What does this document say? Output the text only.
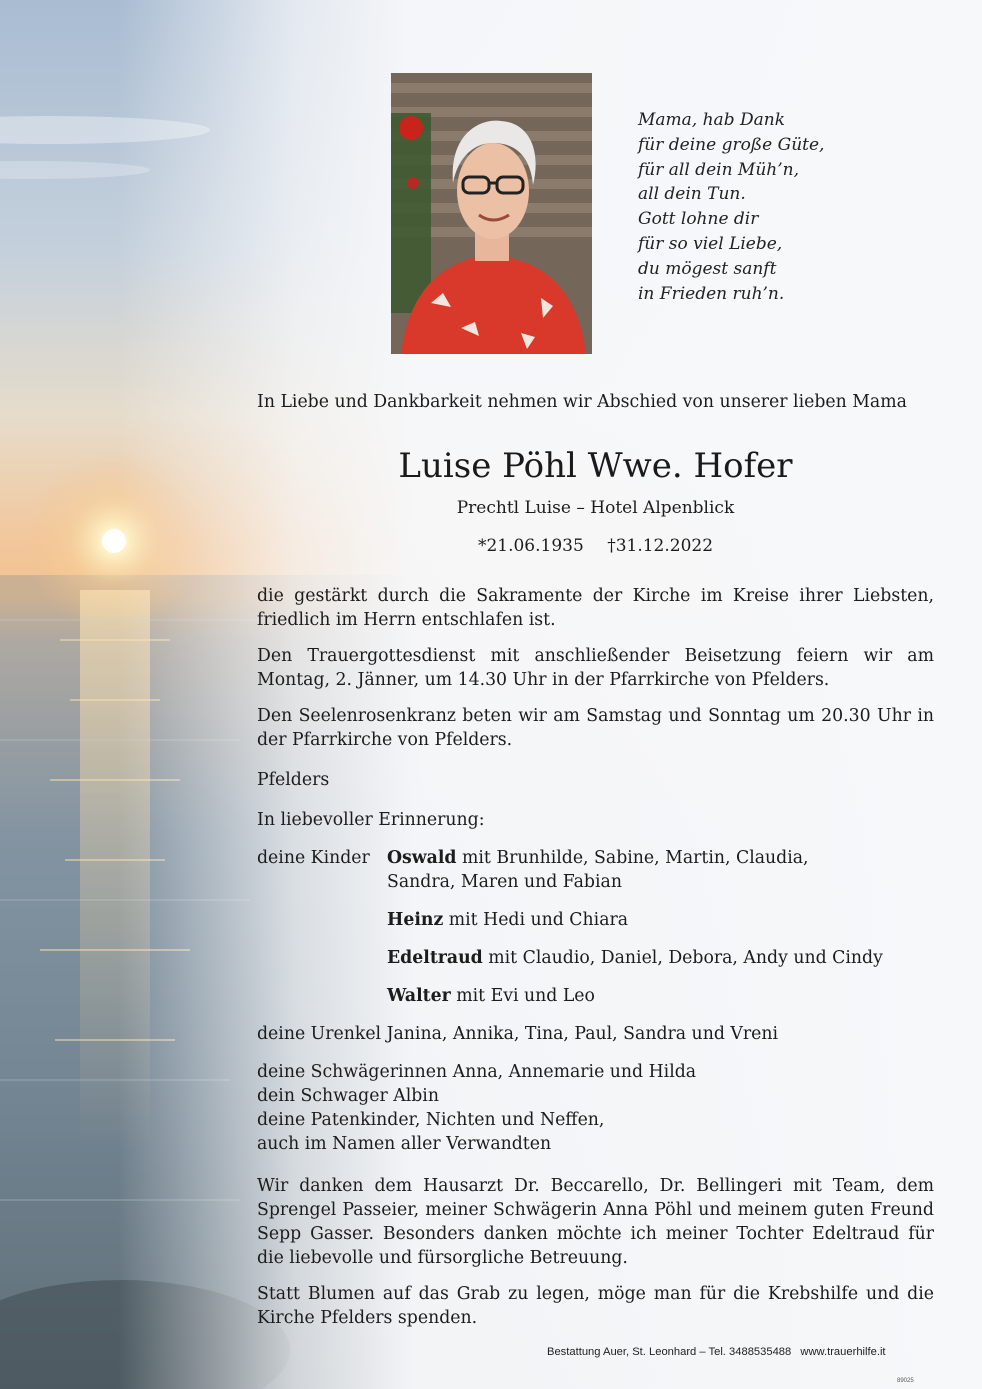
Mama, hab Dank
für deine große Güte,
für all dein Müh’n,
all dein Tun.
Gott lohne dir
für so viel Liebe,
du mögest sanft
in Frieden ruh’n.

In Liebe und Dankbarkeit nehmen wir Abschied von unserer lieben Mama

Luise Pöhl Wwe. Hofer
Prechtl Luise – Hotel Alpenblick
*21.06.1935 †31.12.2022
die gestärkt durch die Sakramente der Kirche im Kreise ihrer Liebsten, friedlich im Herrn entschlafen ist.
Den Trauergottesdienst mit anschließender Beisetzung feiern wir am Montag, 2. Jänner, um 14.30 Uhr in der Pfarrkirche von Pfelders.
Den Seelenrosenkranz beten wir am Samstag und Sonntag um 20.30 Uhr in der Pfarrkirche von Pfelders.
Pfelders
In liebevoller Erinnerung:
deine Kinder Oswald mit Brunhilde, Sabine, Martin, Claudia,
Sandra, Maren und Fabian
Heinz mit Hedi und Chiara
Edeltraud mit Claudio, Daniel, Debora, Andy und Cindy
Walter mit Evi und Leo
deine Urenkel Janina, Annika, Tina, Paul, Sandra und Vreni
deine Schwägerinnen Anna, Annemarie und Hilda
dein Schwager Albin
deine Patenkinder, Nichten und Neffen,
auch im Namen aller Verwandten
Wir danken dem Hausarzt Dr. Beccarello, Dr. Bellingeri mit Team, dem Sprengel Passeier, meiner Schwägerin Anna Pöhl und meinem guten Freund Sepp Gasser. Besonders danken möchte ich meiner Tochter Edeltraud für die liebevolle und fürsorgliche Betreuung.
Statt Blumen auf das Grab zu legen, möge man für die Krebshilfe und die Kirche Pfelders spenden.
Bestattung Auer, St. Leonhard – Tel. 3488535488 www.trauerhilfe.it
89025
